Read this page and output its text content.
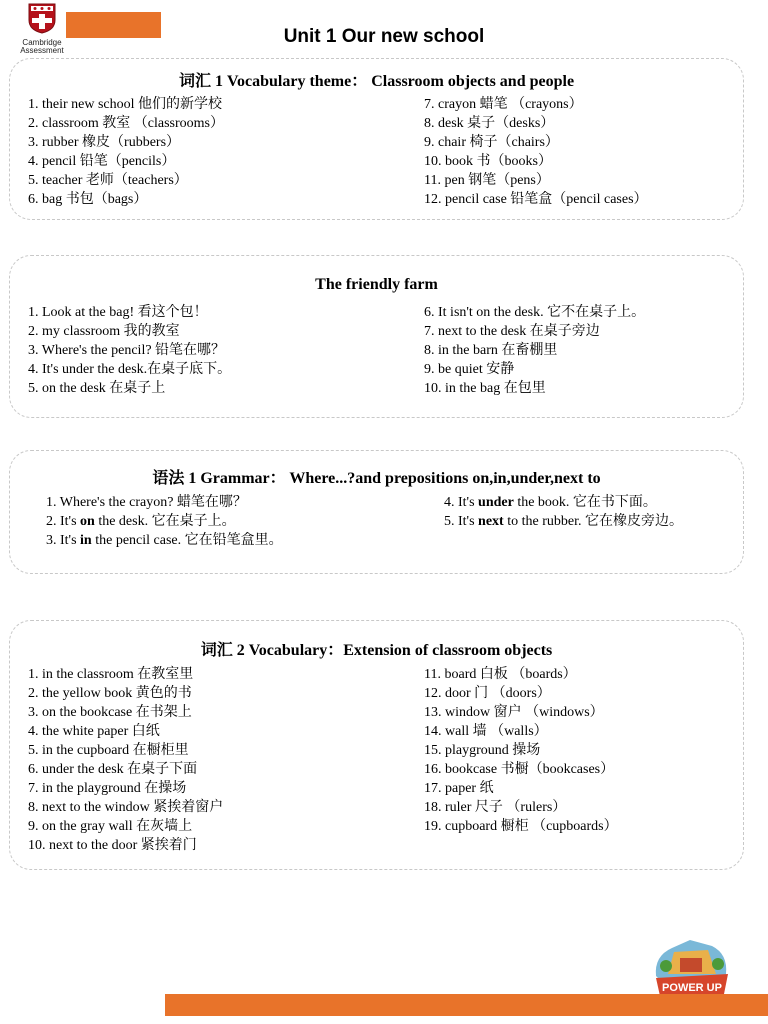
Cambridge
Assessment
Unit 1 Our new school
词汇 1 Vocabulary theme： Classroom objects and people
1. their new school 他们的新学校
2. classroom 教室 （classrooms）
3. rubber 橡皮（rubbers）
4. pencil 铅笔（pencils）
5. teacher 老师（teachers）
6. bag 书包（bags）
7. crayon 蜡笔 （crayons）
8. desk 桌子（desks）
9. chair 椅子（chairs）
10. book 书（books）
11. pen 钢笔（pens）
12. pencil case 铅笔盒（pencil cases）
The friendly farm
1. Look at the bag! 看这个包！
2. my classroom 我的教室
3. Where's the pencil? 铅笔在哪？
4. It's under the desk.在桌子底下。
5. on the desk 在桌子上
6. It isn't on the desk. 它不在桌子上。
7. next to the desk 在桌子旁边
8. in the barn 在畜棚里
9. be quiet 安静
10. in the bag 在包里
语法 1 Grammar： Where...?and prepositions on,in,under,next to
1. Where's the crayon? 蜡笔在哪？
2. It's on the desk. 它在桌子上。
3. It's in the pencil case. 它在铅笔盒里。
4. It's under the book. 它在书下面。
5. It's next to the rubber. 它在橡皮旁边。
词汇 2 Vocabulary：Extension of classroom objects
1. in the classroom 在教室里
2. the yellow book 黄色的书
3. on the bookcase 在书架上
4. the white paper 白纸
5. in the cupboard 在橱柜里
6. under the desk 在桌子下面
7. in the playground 在操场
8. next to the window 紧挨着窗户
9. on the gray wall 在灰墙上
10. next to the door 紧挨着门
11. board 白板 （boards）
12. door 门 （doors）
13. window 窗户 （windows）
14. wall 墙 （walls）
15. playground 操场
16. bookcase 书橱（bookcases）
17. paper 纸
18. ruler 尺子 （rulers）
19. cupboard 橱柜 （cupboards）
POWER UP
